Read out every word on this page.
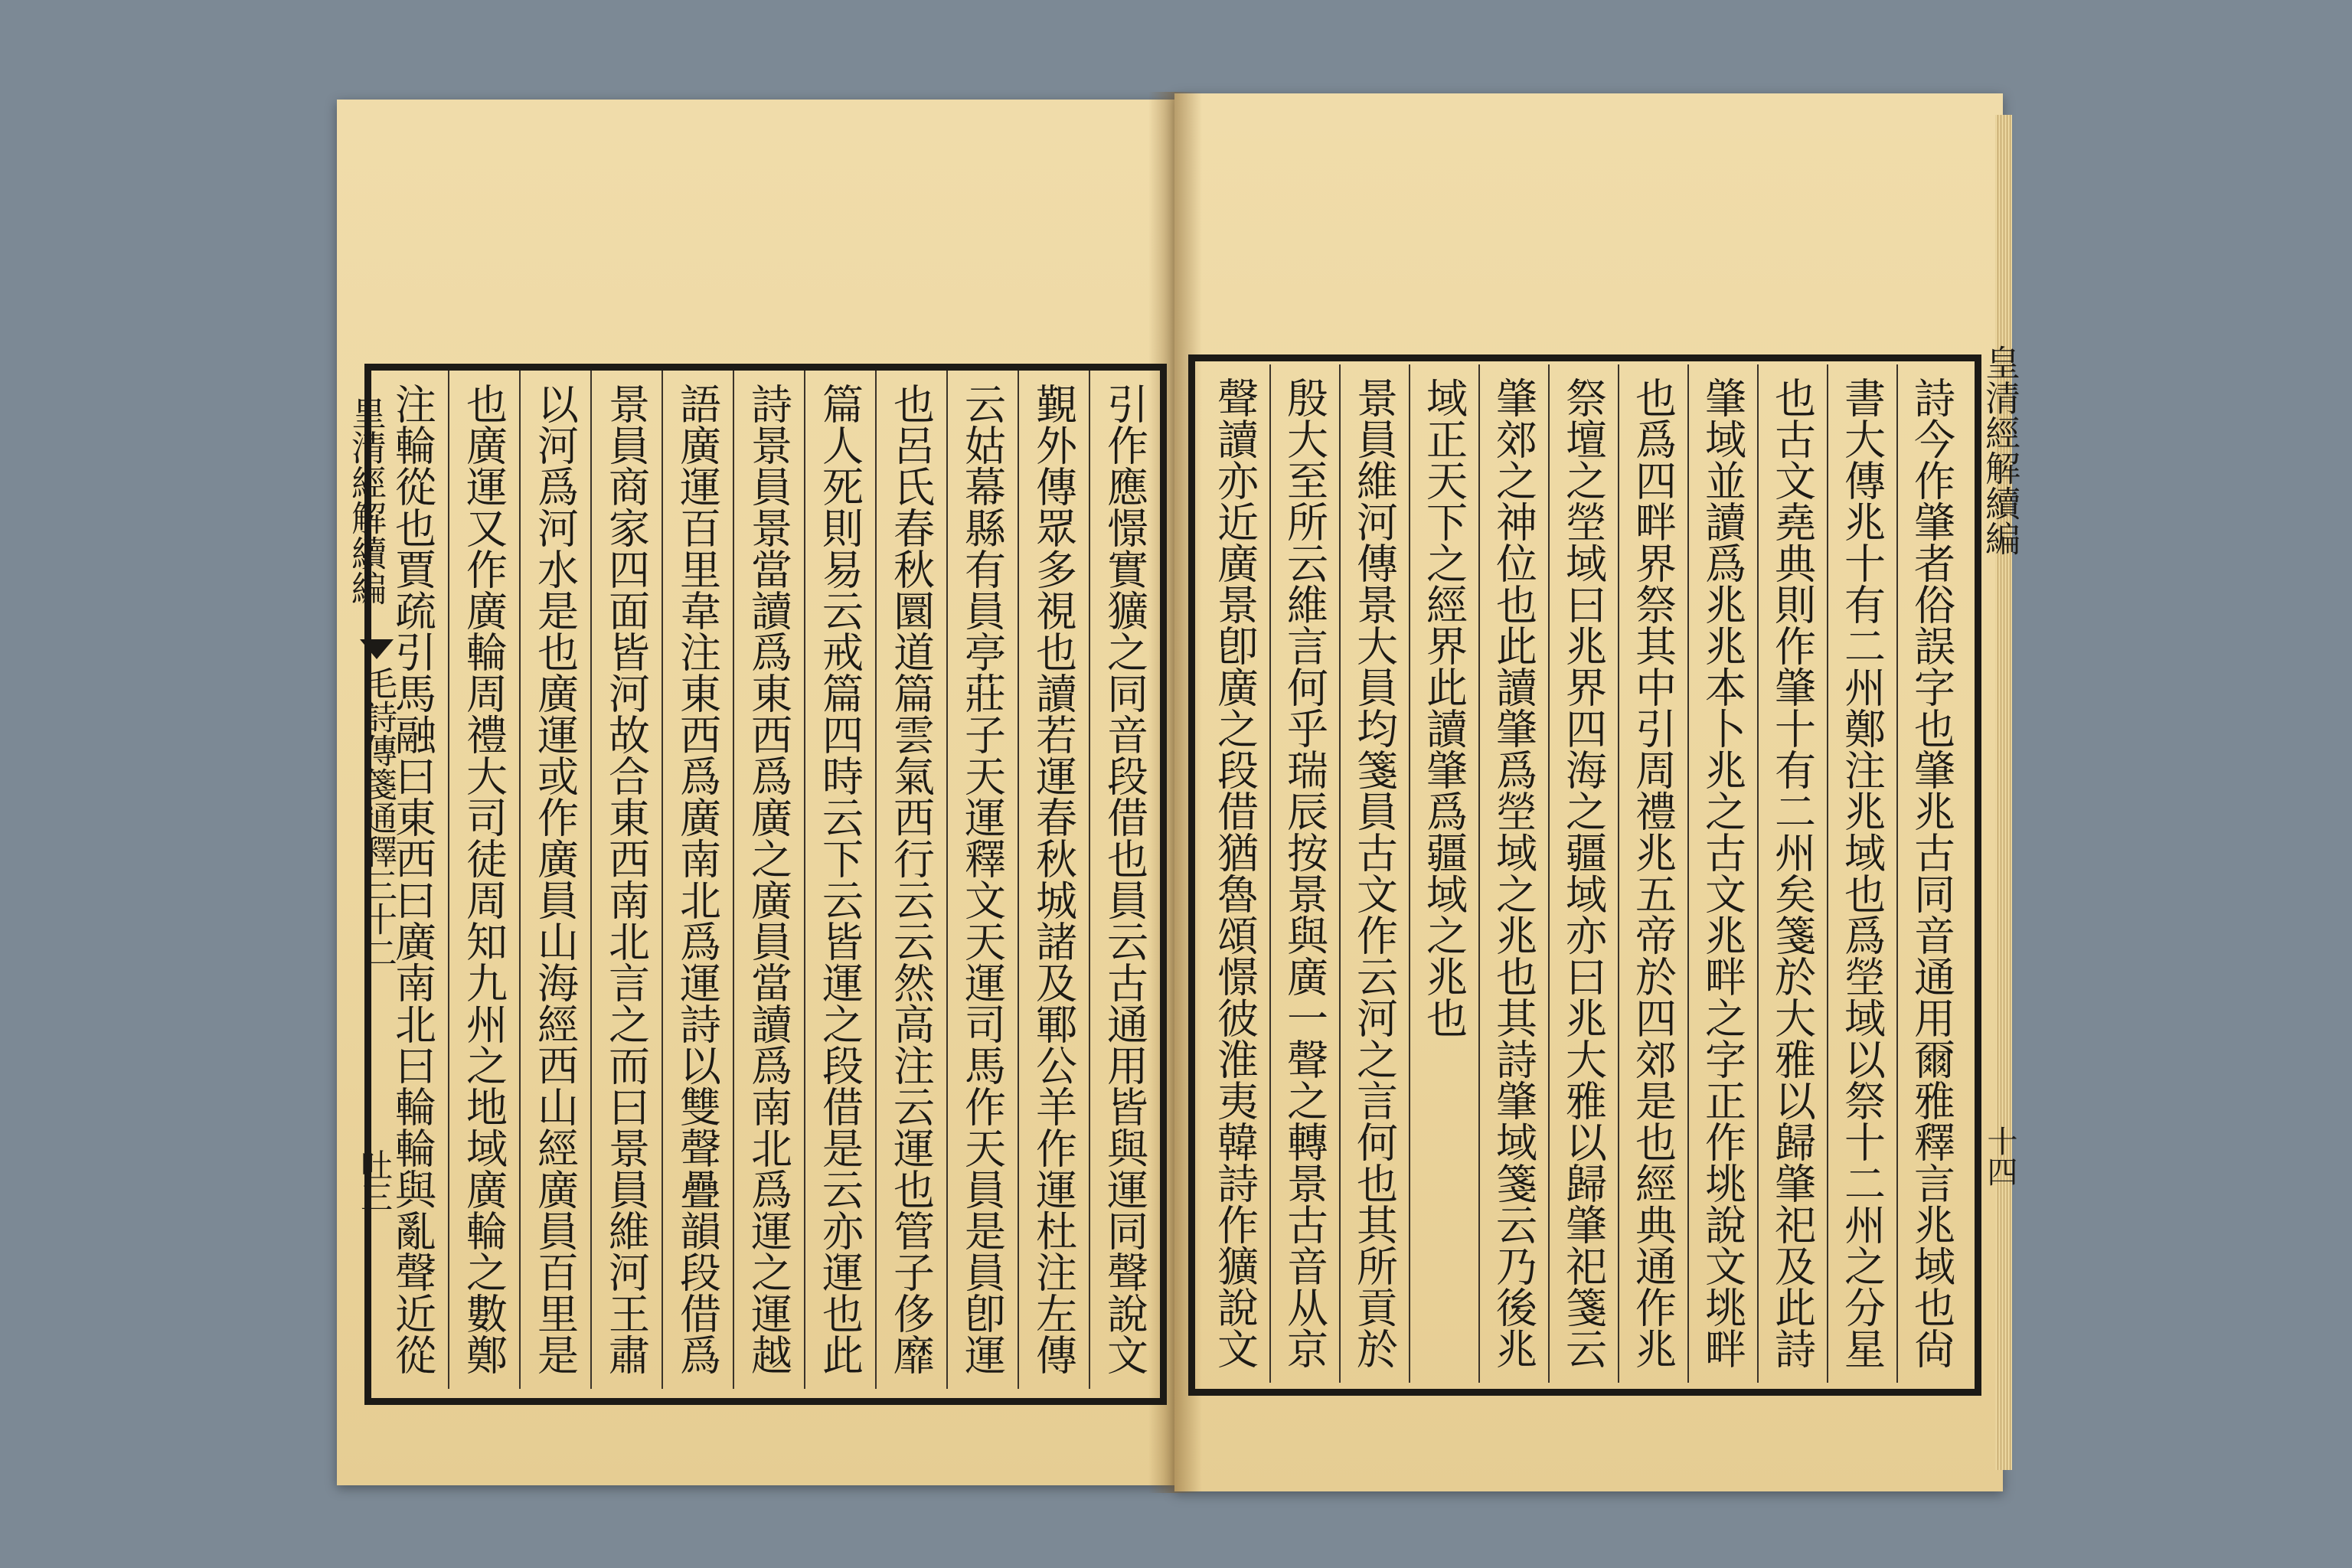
皇清經解續編
毛詩傳箋通釋三十二
吐三
皇清經解續編
十四
引作應憬實獷之同音段借也員云古通用皆與運同聲說文
覲外傳眾多視也讀若運春秋城諸及鄆公羊作運杜注左傳
云姑幕縣有員亭莊子天運釋文天運司馬作天員是員卽運
也呂氏春秋圜道篇雲氣西行云云然高注云運也管子侈靡
篇人死則易云戒篇四時云下云皆運之段借是云亦運也此
詩景員景當讀爲東西爲廣之廣員當讀爲南北爲運之運越
語廣運百里韋注東西爲廣南北爲運詩以雙聲疊韻段借爲
景員商家四面皆河故合東西南北言之而曰景員維河王肅
以河爲河水是也廣運或作廣員山海經西山經廣員百里是
也廣運又作廣輪周禮大司徒周知九州之地域廣輪之數鄭
注輪從也賈疏引馬融曰東西曰廣南北曰輪輪與亂聲近從	詩今作肇者俗誤字也肇兆古同音通用爾雅釋言兆域也尙
書大傳兆十有二州鄭注兆域也爲塋域以祭十二州之分星
也古文堯典則作肇十有二州矣箋於大雅以歸肇祀及此詩
肇域並讀爲兆兆本卜兆之古文兆畔之字正作垗說文垗畔
也爲四畔界祭其中引周禮兆五帝於四郊是也經典通作兆
祭壇之塋域曰兆界四海之疆域亦曰兆大雅以歸肇祀箋云
肇郊之神位也此讀肇爲塋域之兆也其詩肇域箋云乃後兆
域正天下之經界此讀肇爲疆域之兆也
景員維河傳景大員均箋員古文作云河之言何也其所貢於
殷大至所云維言何乎瑞辰按景與廣一聲之轉景古音从京
聲讀亦近廣景卽廣之段借猶魯頌憬彼淮夷韓詩作獷說文
